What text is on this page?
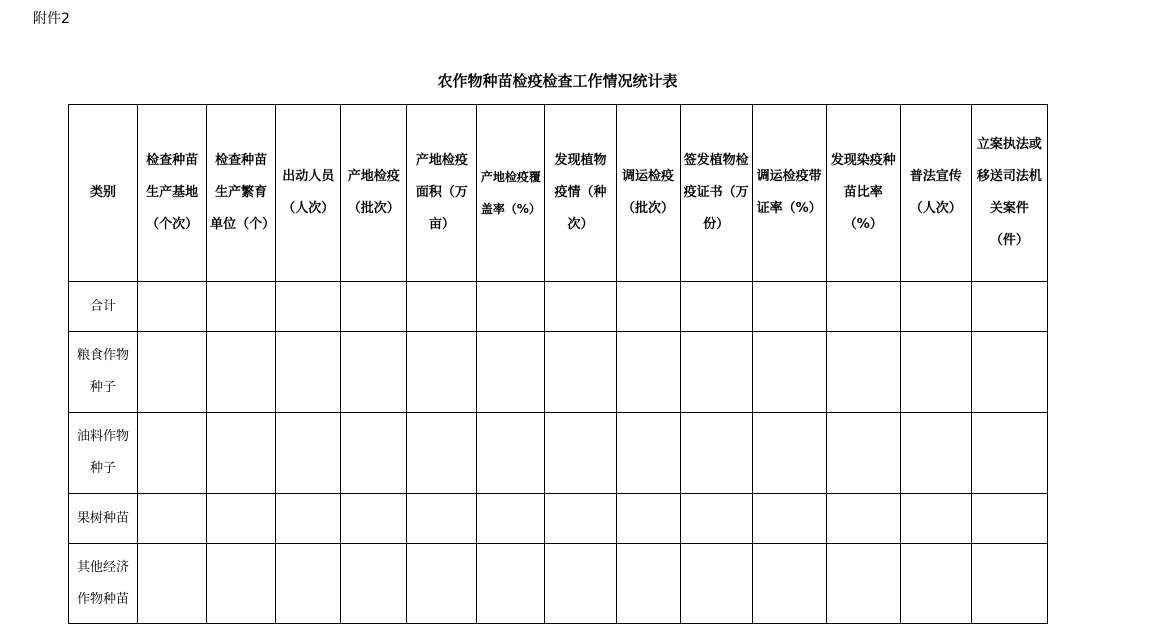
附件2
农作物种苗检疫检查工作情况统计表
类别	检查种苗生产基地（个次）	检查种苗生产繁育单位（个）	出动人员（人次）	产地检疫（批次）	产地检疫面积（万亩）	产地检疫覆盖率（%）	发现植物疫情（种次）	调运检疫（批次）	签发植物检疫证书（万份）	调运检疫带证率（%）	发现染疫种苗比率（%）	普法宣传（人次）	立案执法或移送司法机关案件（件）
合计													
粮食作物种子													
油料作物种子													
果树种苗													
其他经济作物种苗													
